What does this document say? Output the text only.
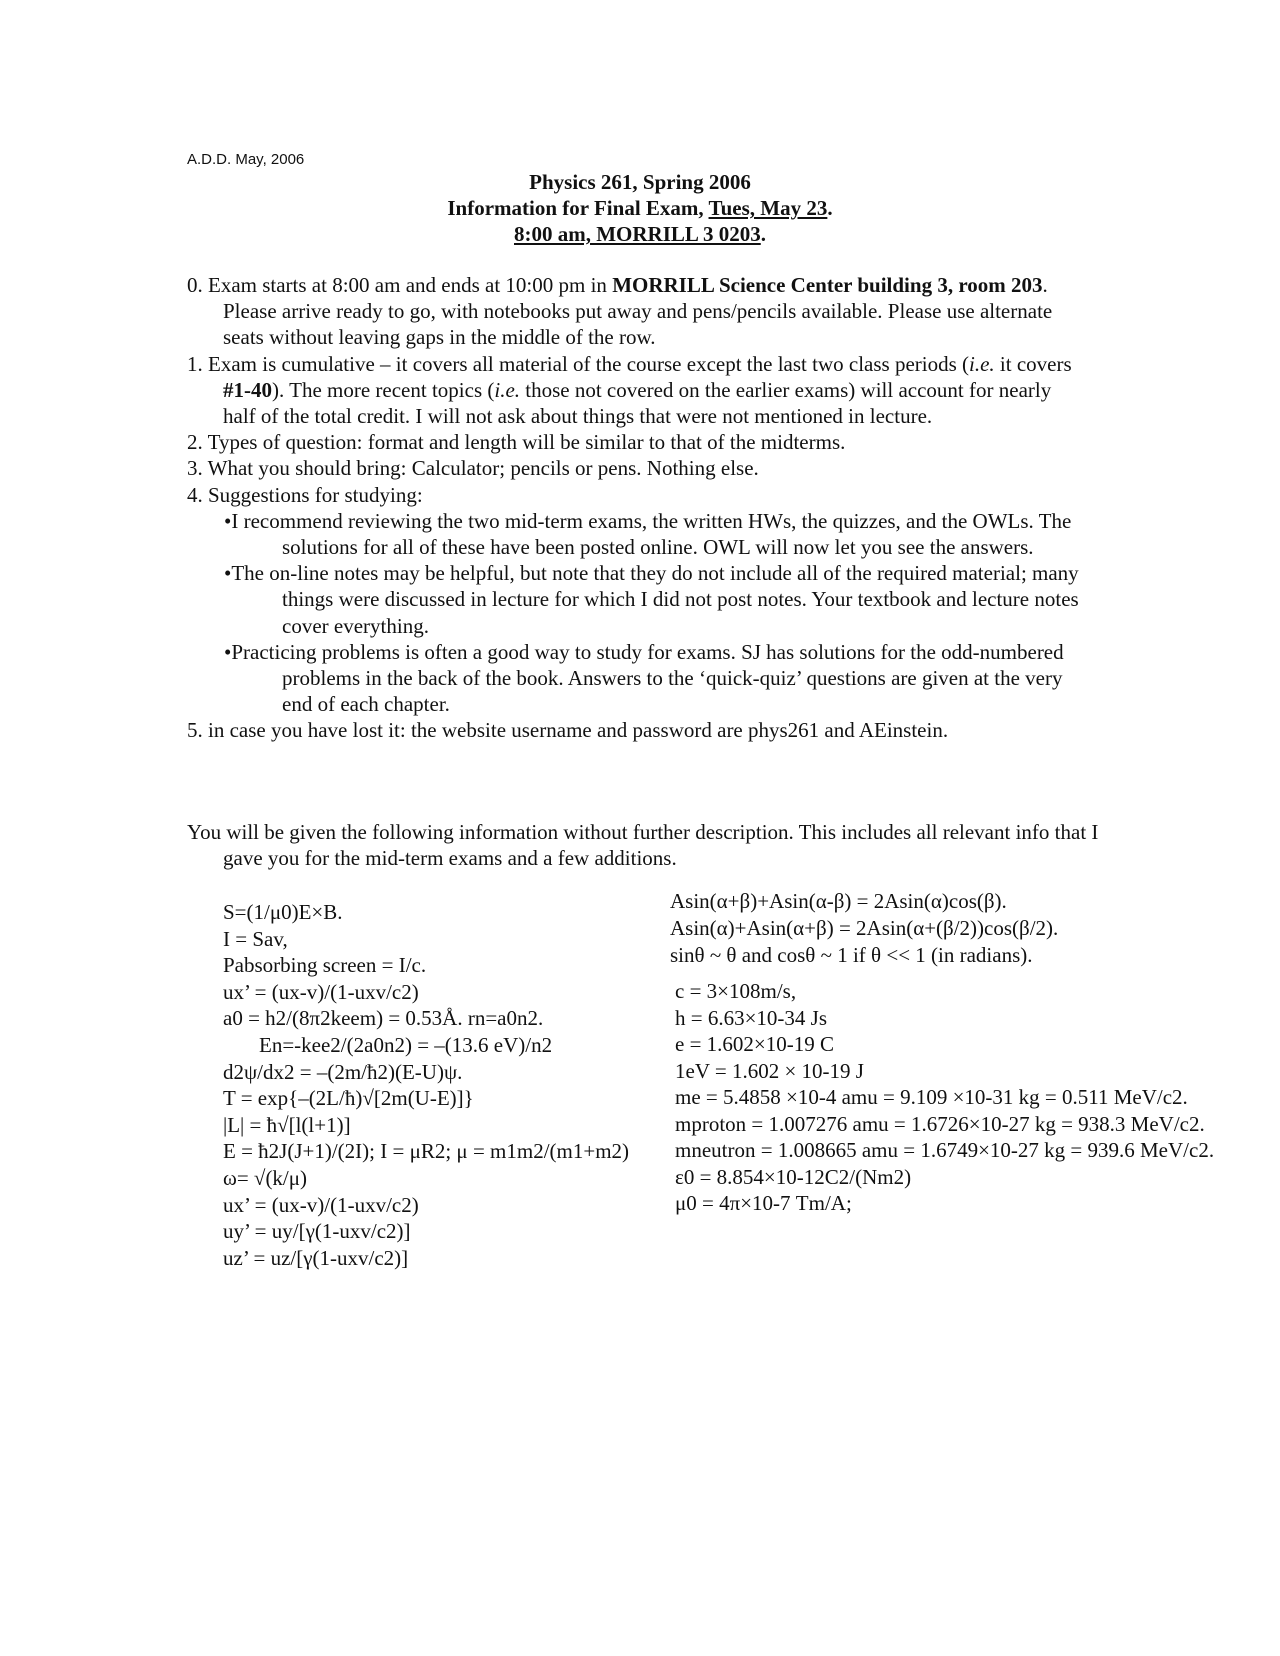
A.D.D. May, 2006
Physics 261, Spring 2006
Information for Final Exam, Tues, May 23.
8:00 am, MORRILL 3 0203.
0. Exam starts at 8:00 am and ends at 10:00 pm in MORRILL Science Center building 3, room 203. Please arrive ready to go, with notebooks put away and pens/pencils available. Please use alternate seats without leaving gaps in the middle of the row.
1. Exam is cumulative – it covers all material of the course except the last two class periods (i.e. it covers #1-40). The more recent topics (i.e. those not covered on the earlier exams) will account for nearly half of the total credit. I will not ask about things that were not mentioned in lecture.
2. Types of question: format and length will be similar to that of the midterms.
3. What you should bring: Calculator; pencils or pens. Nothing else.
4. Suggestions for studying:
•I recommend reviewing the two mid-term exams, the written HWs, the quizzes, and the OWLs. The solutions for all of these have been posted online. OWL will now let you see the answers.
•The on-line notes may be helpful, but note that they do not include all of the required material; many things were discussed in lecture for which I did not post notes. Your textbook and lecture notes cover everything.
•Practicing problems is often a good way to study for exams. SJ has solutions for the odd-numbered problems in the back of the book. Answers to the ‘quick-quiz’ questions are given at the very end of each chapter.
5. in case you have lost it: the website username and password are phys261 and AEinstein.
You will be given the following information without further description. This includes all relevant info that I gave you for the mid-term exams and a few additions.
S=(1/μ0)E×B.
I = Sav,
Pabsorbing screen = I/c.
ux’ = (ux-v)/(1-uxv/c2)
a0 = h2/(8π2keem) = 0.53Å. rn=a0n2.
En=-kee2/(2a0n2) = –(13.6 eV)/n2
d2ψ/dx2 = –(2m/ħ2)(E-U)ψ.
T = exp{–(2L/ħ)√[2m(U-E)]}
|L| = ħ√[l(l+1)]
E = ħ2J(J+1)/(2I); I = μR2; μ = m1m2/(m1+m2)
ω= √(k/μ)
ux’ = (ux-v)/(1-uxv/c2)
uy’ = uy/[γ(1-uxv/c2)]
uz’ = uz/[γ(1-uxv/c2)]
Asin(α+β)+Asin(α-β) = 2Asin(α)cos(β).
Asin(α)+Asin(α+β) = 2Asin(α+(β/2))cos(β/2).
sinθ ~ θ and cosθ ~ 1 if θ << 1 (in radians).
c = 3×108m/s,
h = 6.63×10-34 Js
e = 1.602×10-19 C
1eV = 1.602 × 10-19 J
me = 5.4858 ×10-4 amu = 9.109 ×10-31 kg = 0.511 MeV/c2.
mproton = 1.007276 amu = 1.6726×10-27 kg = 938.3 MeV/c2.
mneutron = 1.008665 amu = 1.6749×10-27 kg = 939.6 MeV/c2.
ε0 = 8.854×10-12C2/(Nm2)
μ0 = 4π×10-7 Tm/A;
